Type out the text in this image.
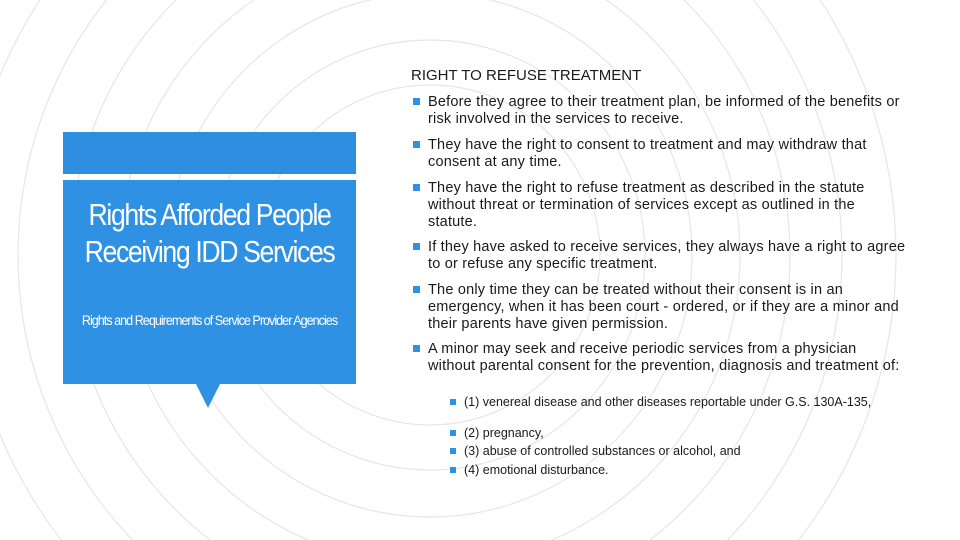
Rights Afforded People Receiving IDD Services

Rights and Requirements of Service Provider Agencies

RIGHT TO REFUSE TREATMENT
Before they agree to their treatment plan, be informed of the benefits or risk involved in the services to receive.
They have the right to consent to treatment and may withdraw that consent at any time.
They have the right to refuse treatment as described in the statute without threat or termination of services except as outlined in the statute.
If they have asked to receive services, they always have a right to agree to or refuse any specific treatment.
The only time they can be treated without their consent is in an emergency, when it has been court - ordered, or if they are a minor and their parents have given permission.
A minor may seek and receive periodic services from a physician without parental consent for the prevention, diagnosis and treatment of:
(1) venereal disease and other diseases reportable under G.S. 130A-135,
(2) pregnancy,
(3) abuse of controlled substances or alcohol, and
(4) emotional disturbance.
